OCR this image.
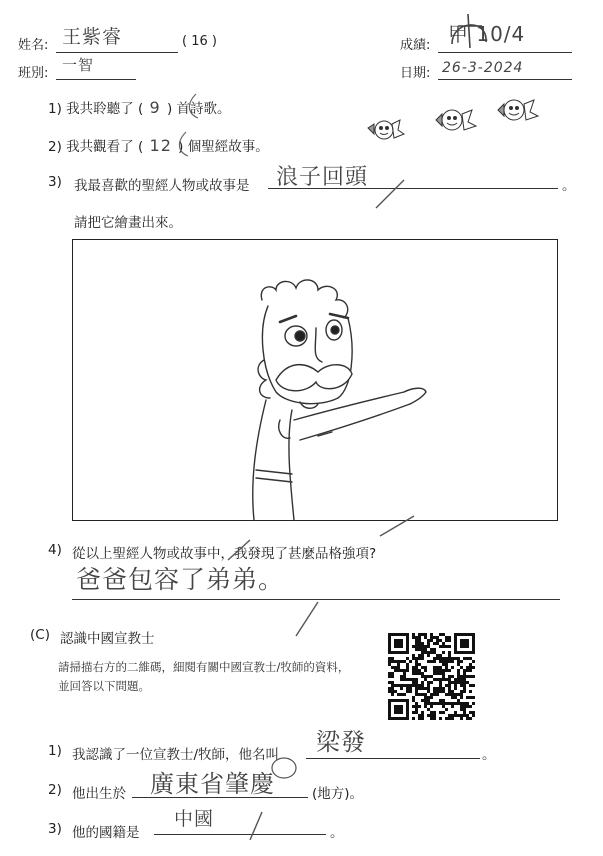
姓名: 王紫睿	( 16 )
班別: 一智
成績: 甲 10/4
日期: 26-3-2024
1) 我共聆聽了 ( 9 ) 首詩歌。
2) 我共觀看了 ( 12 ) 個聖經故事。
3) 我最喜歡的聖經人物或故事是 浪子回頭	。
請把它繪畫出來。
4) 從以上聖經人物或故事中，我發現了甚麼品格強項?
爸爸包容了弟弟。
(C) 認識中國宣教士
請掃描右方的二維碼，細閱有關中國宣教士/牧師的資料，
並回答以下問題。
1) 我認識了一位宣教士/牧師，他名叫 梁發	。
2) 他出生於 廣東省肇慶	(地方)。
3) 他的國籍是
中國
。
